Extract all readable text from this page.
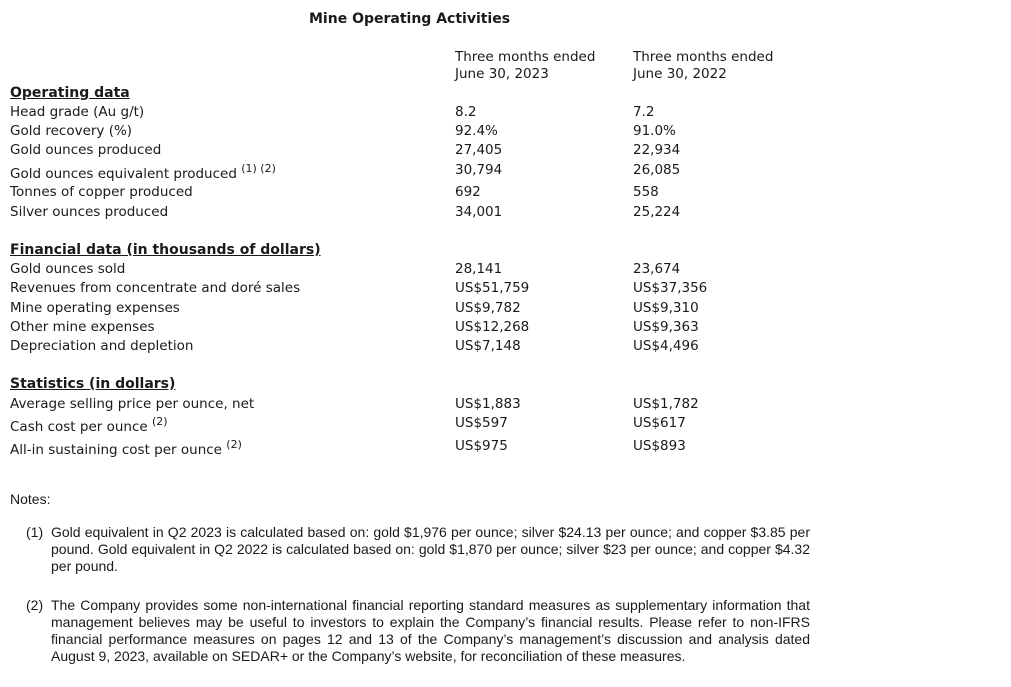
Mine Operating Activities
Three months ended
June 30, 2023
Three months ended
June 30, 2022
Operating data
Head grade (Au g/t)	8.2	7.2
Gold recovery (%)	92.4%	91.0%
Gold ounces produced	27,405	22,934
Gold ounces equivalent produced $^{(1) (2)}$	30,794	26,085
Tonnes of copper produced	692	558
Silver ounces produced	34,001	25,224
Financial data (in thousands of dollars)
Gold ounces sold	28,141	23,674
Revenues from concentrate and doré sales	US$51,759	US$37,356
Mine operating expenses	US$9,782	US$9,310
Other mine expenses	US$12,268	US$9,363
Depreciation and depletion	US$7,148	US$4,496
Statistics (in dollars)
Average selling price per ounce, net	US$1,883	US$1,782
Cash cost per ounce $^{(2)}$	US$597	US$617
All-in sustaining cost per ounce $^{(2)}$	US$975	US$893
Notes:
(1) Gold equivalent in Q2 2023 is calculated based on: gold $1,976 per ounce; silver $24.13 per ounce; and copper $3.85 per pound. Gold equivalent in Q2 2022 is calculated based on: gold $1,870 per ounce; silver $23 per ounce; and copper $4.32 per pound.
(2) The Company provides some non-international financial reporting standard measures as supplementary information that management believes may be useful to investors to explain the Company’s financial results. Please refer to non-IFRS financial performance measures on pages 12 and 13 of the Company’s management’s discussion and analysis dated August 9, 2023, available on SEDAR+ or the Company’s website, for reconciliation of these measures.
